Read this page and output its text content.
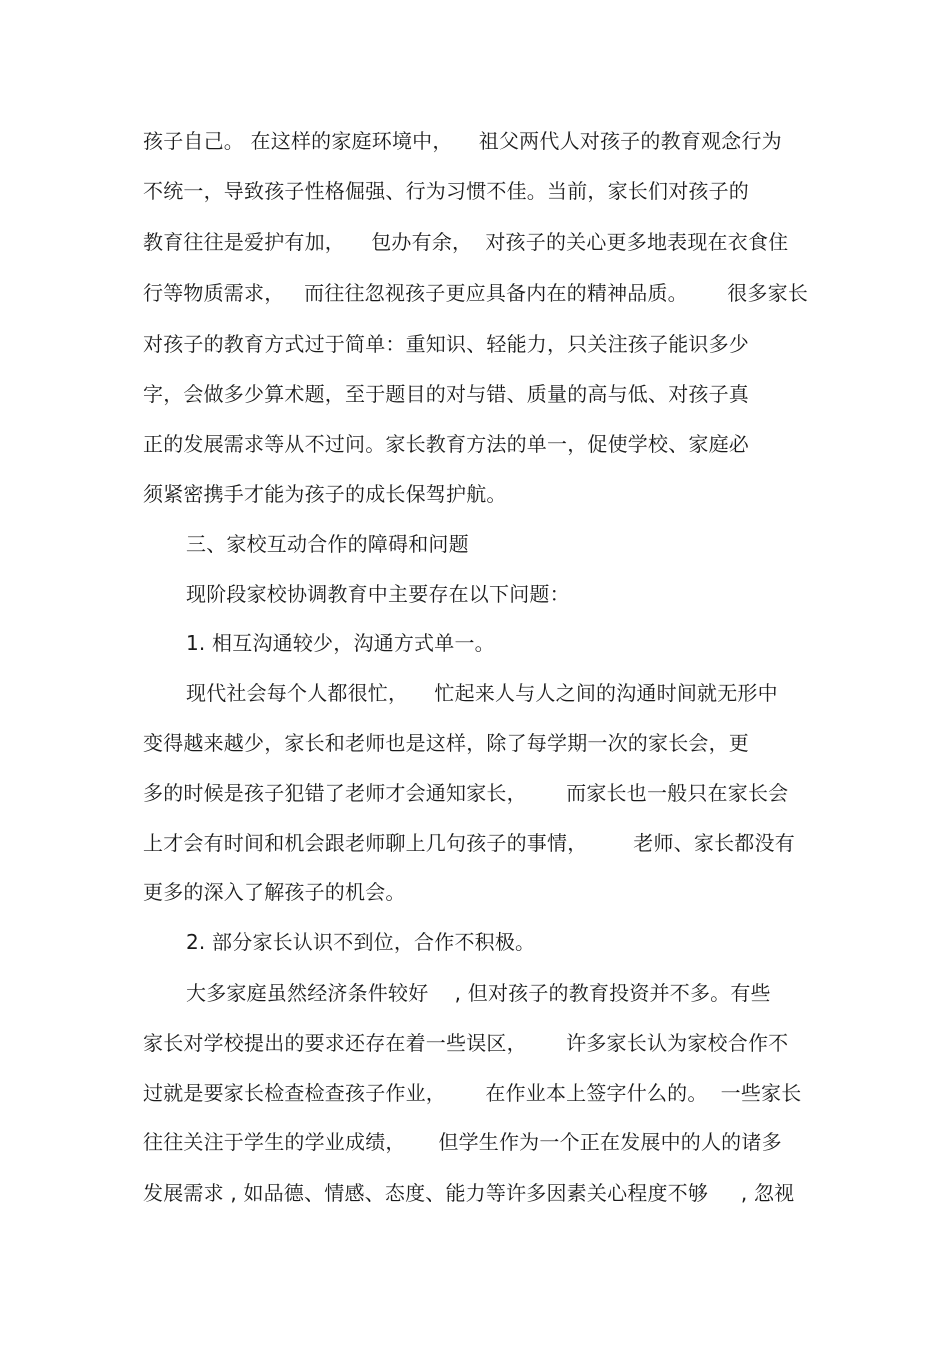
孩子自己。 在这样的家庭环境中，    祖父两代人对孩子的教育观念行为
不统一，导致孩子性格倔强、行为习惯不佳。当前，家长们对孩子的
教育往往是爱护有加，    包办有余，  对孩子的关心更多地表现在衣食住
行等物质需求，   而往往忽视孩子更应具备内在的精神品质。      很多家长
对孩子的教育方式过于简单：重知识、轻能力，只关注孩子能识多少
字，会做多少算术题，至于题目的对与错、质量的高与低、对孩子真
正的发展需求等从不过问。家长教育方法的单一，促使学校、家庭必
须紧密携手才能为孩子的成长保驾护航。
三、家校互动合作的障碍和问题
现阶段家校协调教育中主要存在以下问题：
1. 相互沟通较少，沟通方式单一。
现代社会每个人都很忙，    忙起来人与人之间的沟通时间就无形中
变得越来越少，家长和老师也是这样，除了每学期一次的家长会，更
多的时候是孩子犯错了老师才会通知家长，      而家长也一般只在家长会
上才会有时间和机会跟老师聊上几句孩子的事情，       老师、家长都没有
更多的深入了解孩子的机会。
2. 部分家长认识不到位，合作不积极。
大多家庭虽然经济条件较好    , 但对孩子的教育投资并不多。有些
家长对学校提出的要求还存在着一些误区，      许多家长认为家校合作不
过就是要家长检查检查孩子作业，      在作业本上签字什么的。  一些家长
往往关注于学生的学业成绩，     但学生作为一个正在发展中的人的诸多
发展需求 , 如品德、情感、态度、能力等许多因素关心程度不够     , 忽视
